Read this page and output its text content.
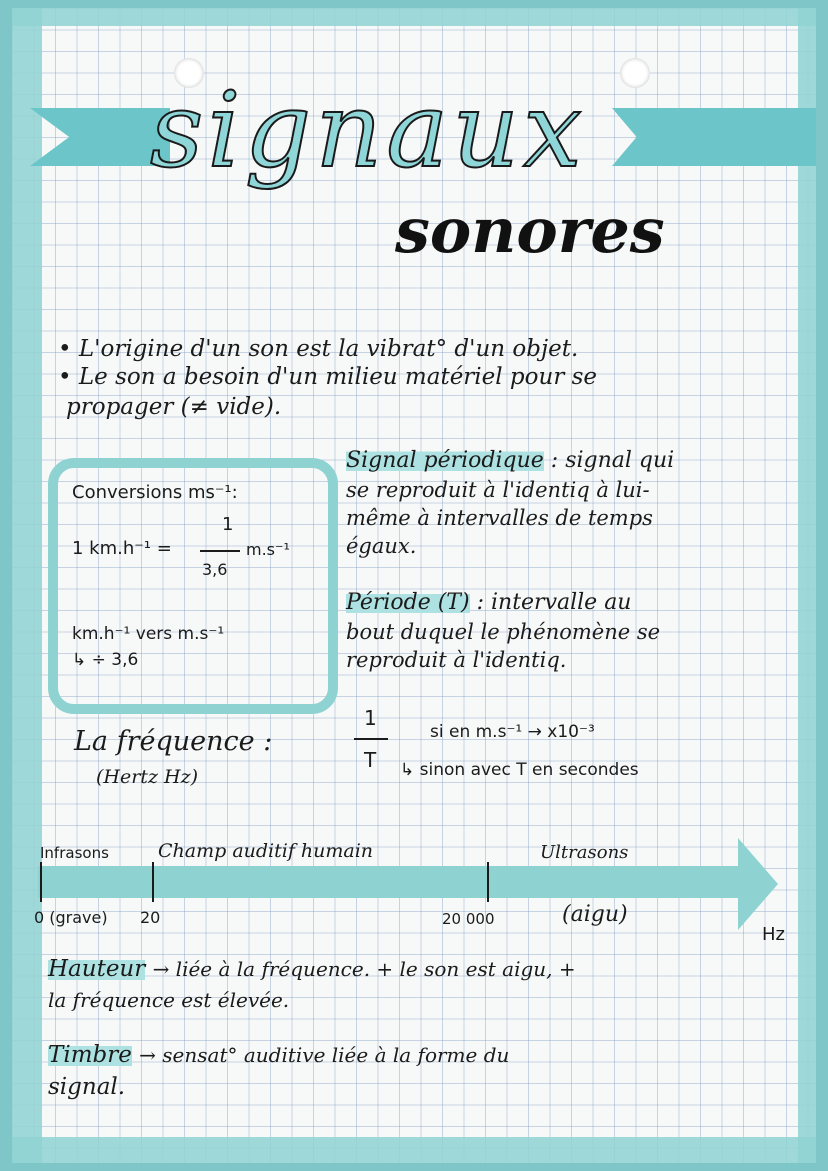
signaux
sonores
• L'origine d'un son est la vibrat° d'un objet.
• Le son a besoin d'un milieu matériel pour se
propager (≠ vide).
Conversions ms⁻¹:
1 km.h⁻¹ =
1
3,6
m.s⁻¹
km.h⁻¹ vers m.s⁻¹
↳ ÷ 3,6
Signal périodique : signal qui
se reproduit à l'identiq à lui-
même à intervalles de temps
égaux.
Période (T) : intervalle au
bout duquel le phénomène se
reproduit à l'identiq.
La fréquence :
(Hertz Hz)
1
T
si en m.s⁻¹ → x10⁻³
↳ sinon avec T en secondes
Infrasons	Champ auditif humain	Ultrasons
0 (grave) 20	20 000	(aigu)
Hz
Hauteur → liée à la fréquence. + le son est aigu, +
la fréquence est élevée.
Timbre → sensat° auditive liée à la forme du
signal.
